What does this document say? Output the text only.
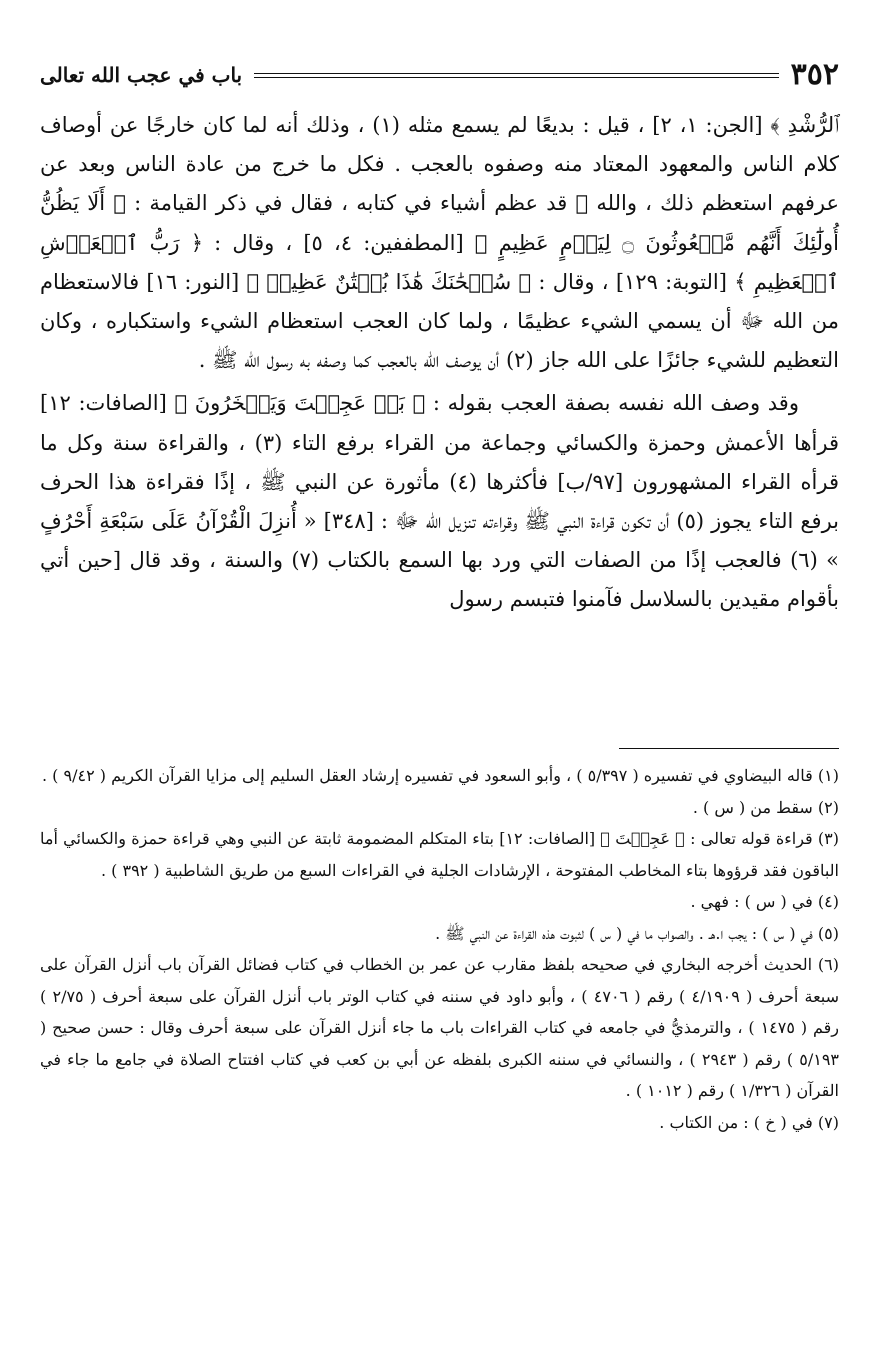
٣٥٢
باب في عجب الله تعالى

ﭐلرُّشْدِ ﴾ [الجن: ١، ٢] ، قيل : بديعًا لم يسمع مثله (١) ، وذلك أنه لما كان خارجًا عن أوصاف كلام الناس والمعهود المعتاد منه وصفوه بالعجب . فكل ما خرج من عادة الناس وبعد عن عرفهم استعظم ذلك ، والله ﷻ قد عظم أشياء في كتابه ، فقال في ذكر القيامة : ﴿ أَلَا يَظُنُّ أُولَٰٓئِكَ أَنَّهُم مَّبۡعُوثُونَ ۝ لِيَوۡمٍ عَظِيمٍ ﴾ [المطففين: ٤، ٥] ، وقال : ﴿ رَبُّ ٱلۡعَرۡشِ ٱلۡعَظِيمِ ﴾ [التوبة: ١٢٩] ، وقال : ﴿ سُبۡحَٰنَكَ هَٰذَا بُهۡتَٰنٌ عَظِيمٞ ﴾ [النور: ١٦] فالاستعظام من الله ﷻ أن يسمي الشيء عظيمًا ، ولما كان العجب استعظام الشيء واستكباره ، وكان التعظيم للشيء جائزًا على الله جاز (٢) أن يوصف الله بالعجب كما وصفه به رسول الله ﷺ .

وقد وصف الله نفسه بصفة العجب بقوله : ﴿ بَلۡ عَجِبۡتَ وَيَسۡخَرُونَ ﴾ [الصافات: ١٢] قرأها الأعمش وحمزة والكسائي وجماعة من القراء برفع التاء (٣) ، والقراءة سنة وكل ما قرأه القراء المشهورون [٩٧/ب] فأكثرها (٤) مأثورة عن النبي ﷺ ، إذًا فقراءة هذا الحرف برفع التاء يجوز (٥) أن تكون قراءة النبي ﷺ وقراءته تنزيل الله ﷻ : [٣٤٨] « أُنزِلَ الْقُرْآنُ عَلَى سَبْعَةِ أَحْرُفٍ » (٦) فالعجب إذًا من الصفات التي ورد بها السمع بالكتاب (٧) والسنة ، وقد قال [حين أتي بأقوام مقيدين بالسلاسل فآمنوا فتبسم رسول

(١) قاله البيضاوي في تفسيره ( ٥/٣٩٧ ) ، وأبو السعود في تفسيره إرشاد العقل السليم إلى مزايا القرآن الكريم ( ٩/٤٢ ) .

(٢) سقط من ( س ) .

(٣) قراءة قوله تعالى : ﴿ عَجِبۡتَ ﴾ [الصافات: ١٢] بتاء المتكلم المضمومة ثابتة عن النبي وهي قراءة حمزة والكسائي أما الباقون فقد قرؤوها بتاء المخاطب المفتوحة ، الإرشادات الجلية في القراءات السبع من طريق الشاطبية ( ٣٩٢ ) .

(٤) في ( س ) : فهي .

(٥) في ( س ) : يجب ا.هـ . والصواب ما في ( س ) لثبوت هذه القراءة عن النبي ﷺ .

(٦) الحديث أخرجه البخاري في صحيحه بلفظ مقارب عن عمر بن الخطاب في كتاب فضائل القرآن باب أنزل القرآن على سبعة أحرف ( ٤/١٩٠٩ ) رقم ( ٤٧٠٦ ) ، وأبو داود في سننه في كتاب الوتر باب أنزل القرآن على سبعة أحرف ( ٢/٧٥ ) رقم ( ١٤٧٥ ) ، والترمذيُّ في جامعه في كتاب القراءات باب ما جاء أنزل القرآن على سبعة أحرف وقال : حسن صحيح ( ٥/١٩٣ ) رقم ( ٢٩٤٣ ) ، والنسائي في سننه الكبرى بلفظه عن أبي بن كعب في كتاب افتتاح الصلاة في جامع ما جاء في القرآن ( ١/٣٢٦ ) رقم ( ١٠١٢ ) .

(٧) في ( خ ) : من الكتاب .
